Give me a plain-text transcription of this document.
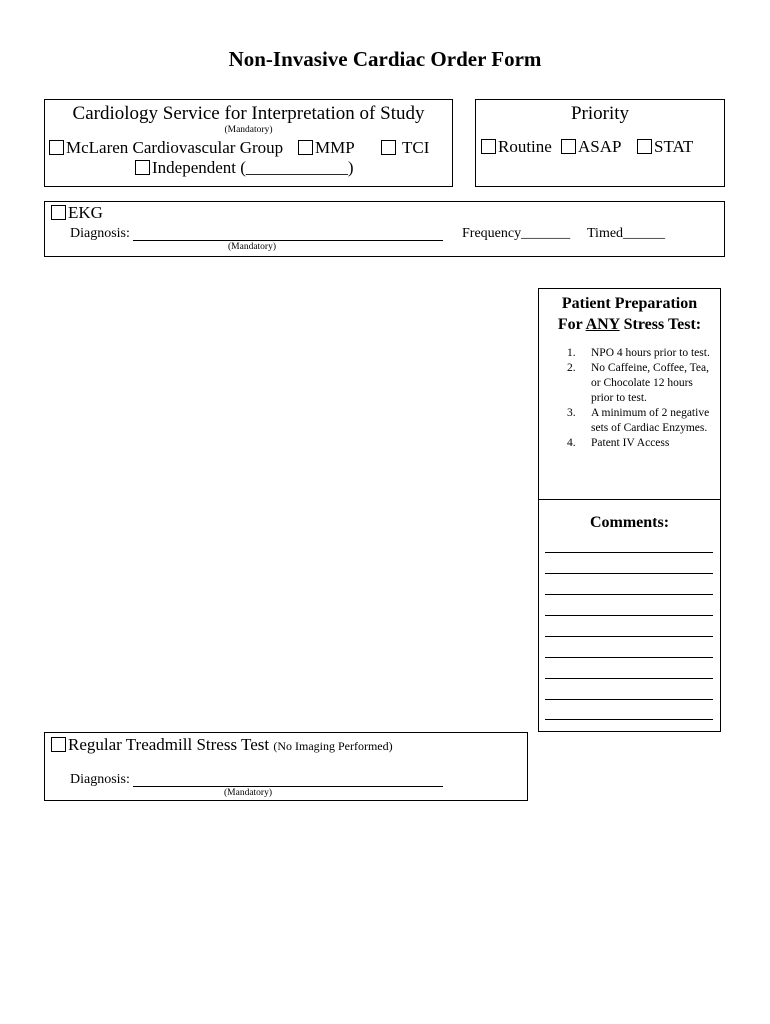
Non-Invasive Cardiac Order Form
Cardiology Service for Interpretation of Study
(Mandatory)
McLaren Cardiovascular Group	MMP	TCI
Independent (____________)
Priority
Routine	ASAP	STAT
EKG
Diagnosis:
(Mandatory)
Frequency_______ Timed______
Patient Preparation
For ANY Stress Test:
1. NPO 4 hours prior to test.
2. No Caffeine, Coffee, Tea, or Chocolate 12 hours prior to test.
3. A minimum of 2 negative sets of Cardiac Enzymes.
4. Patent IV Access
Comments:
Regular Treadmill Stress Test (No Imaging Performed)
Diagnosis:
(Mandatory)
